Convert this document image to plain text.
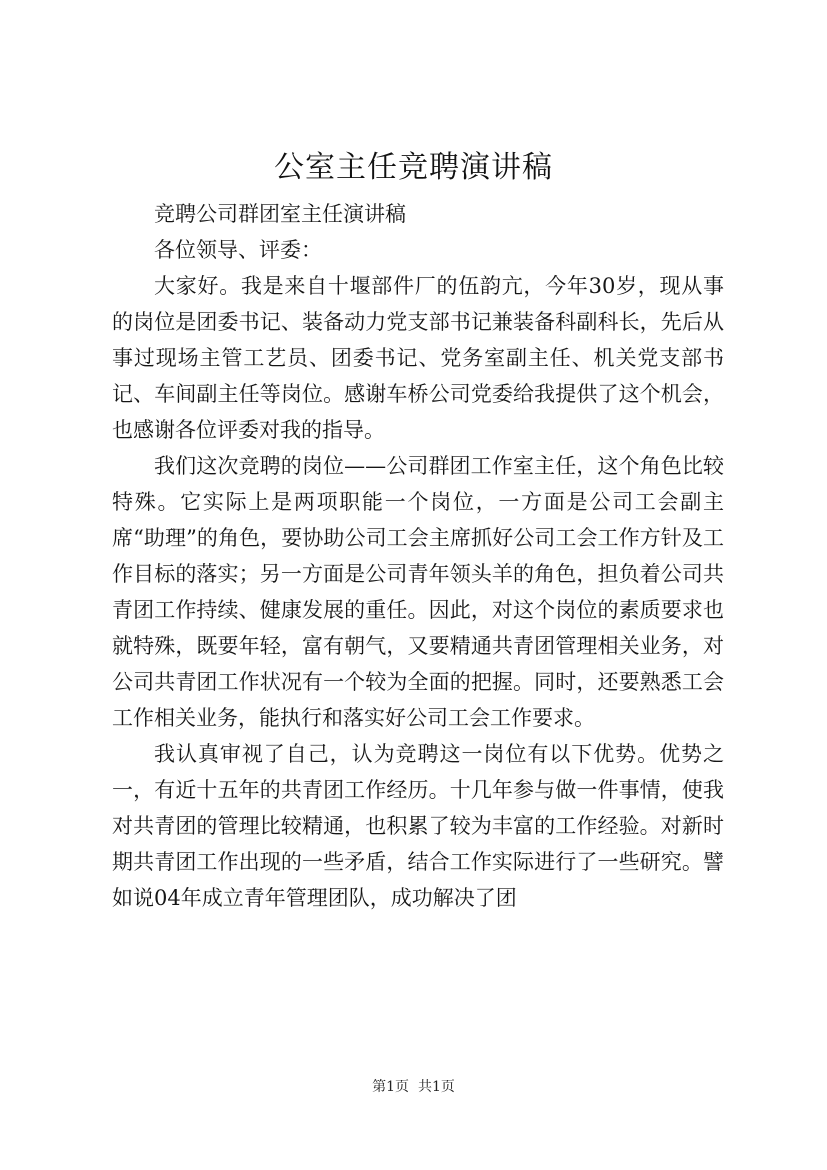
公室主任竞聘演讲稿

竞聘公司群团室主任演讲稿

各位领导、评委：

大家好。我是来自十堰部件厂的伍韵亢，今年30岁，现从事的岗位是团委书记、装备动力党支部书记兼装备科副科长，先后从事过现场主管工艺员、团委书记、党务室副主任、机关党支部书记、车间副主任等岗位。感谢车桥公司党委给我提供了这个机会，也感谢各位评委对我的指导。

我们这次竞聘的岗位——公司群团工作室主任，这个角色比较特殊。它实际上是两项职能一个岗位，一方面是公司工会副主席“助理”的角色，要协助公司工会主席抓好公司工会工作方针及工作目标的落实；另一方面是公司青年领头羊的角色，担负着公司共青团工作持续、健康发展的重任。因此，对这个岗位的素质要求也就特殊，既要年轻，富有朝气，又要精通共青团管理相关业务，对公司共青团工作状况有一个较为全面的把握。同时，还要熟悉工会工作相关业务，能执行和落实好公司工会工作要求。

我认真审视了自己，认为竞聘这一岗位有以下优势。优势之一，有近十五年的共青团工作经历。十几年参与做一件事情，使我对共青团的管理比较精通，也积累了较为丰富的工作经验。对新时期共青团工作出现的一些矛盾，结合工作实际进行了一些研究。譬如说04年成立青年管理团队，成功解决了团

第1页  共1页
